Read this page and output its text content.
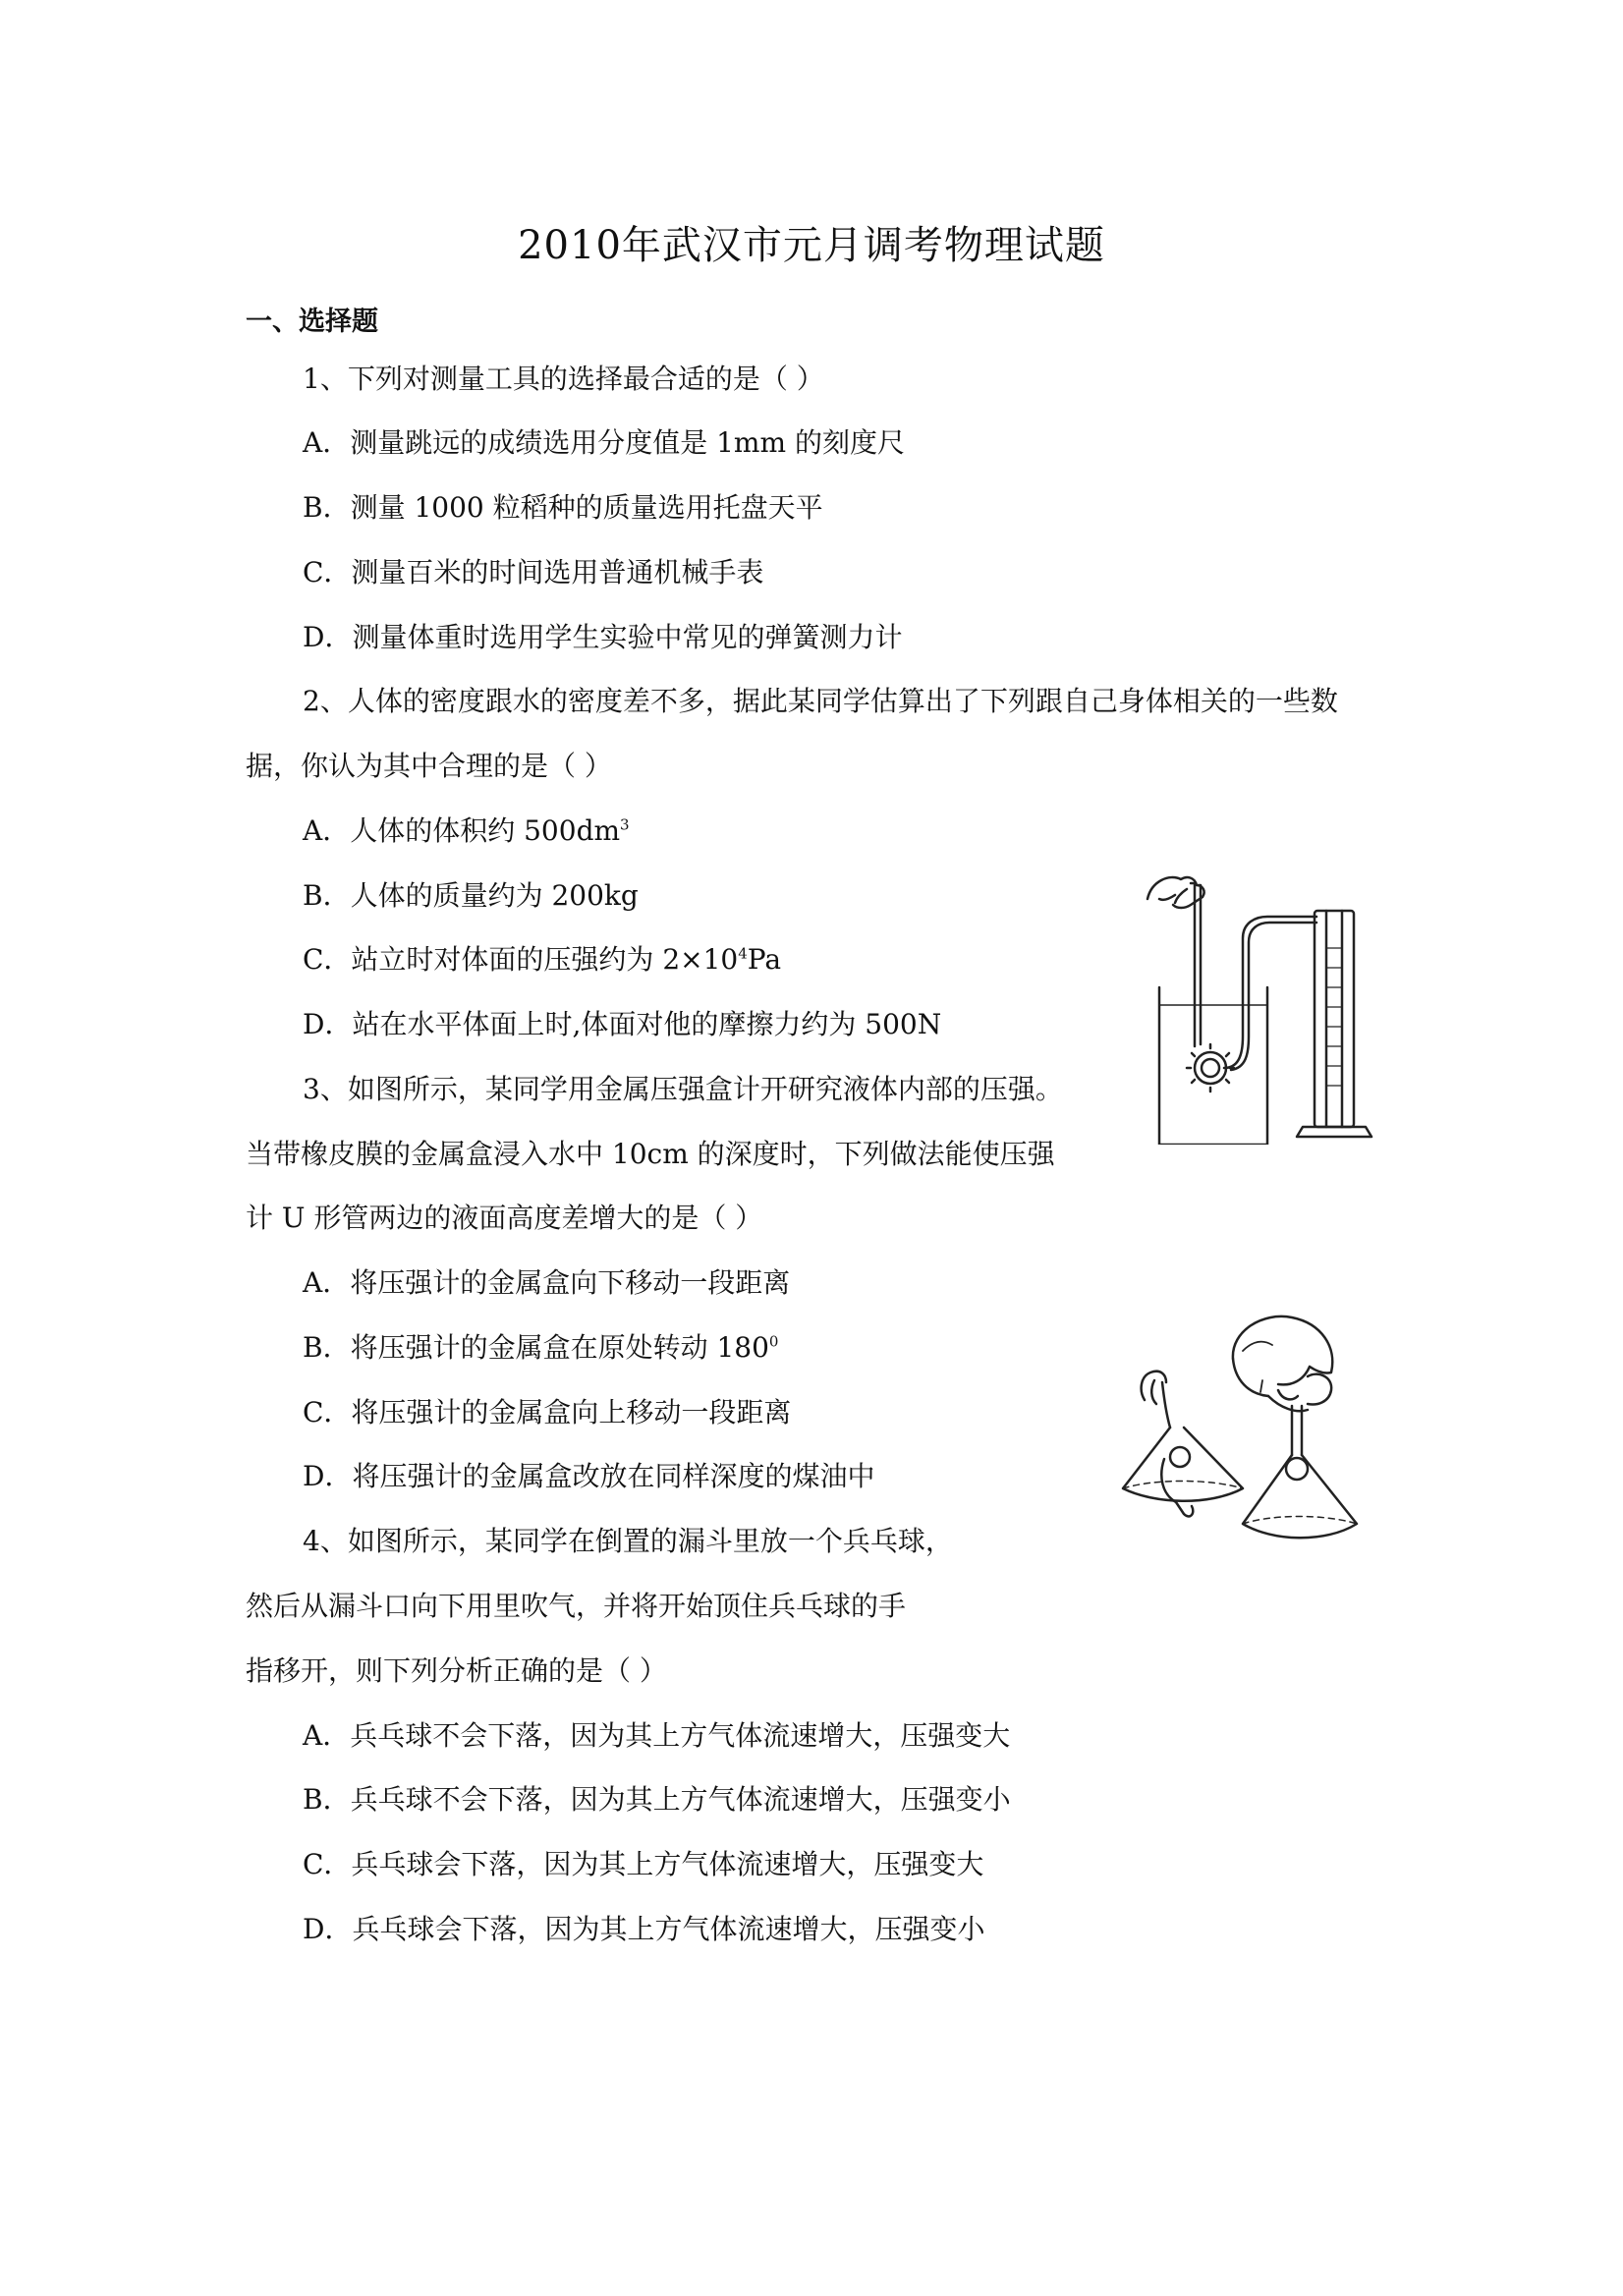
2010年武汉市元月调考物理试题
一、选择题
1、下列对测量工具的选择最合适的是（ ）
A．测量跳远的成绩选用分度值是 1mm 的刻度尺
B．测量 1000 粒稻种的质量选用托盘天平
C．测量百米的时间选用普通机械手表
D．测量体重时选用学生实验中常见的弹簧测力计
2、人体的密度跟水的密度差不多，据此某同学估算出了下列跟自己身体相关的一些数
据，你认为其中合理的是（ ）
A．人体的体积约 $500dm^3$
B．人体的质量约为 200kg
C．站立时对体面的压强约为 $2\times 10^4Pa$
D．站在水平体面上时,体面对他的摩擦力约为 500N
3、如图所示，某同学用金属压强盒计开研究液体内部的压强。
当带橡皮膜的金属盒浸入水中 10cm 的深度时，下列做法能使压强
计 U 形管两边的液面高度差增大的是（ ）
A．将压强计的金属盒向下移动一段距离
B．将压强计的金属盒在原处转动 $180^0$
C．将压强计的金属盒向上移动一段距离
D．将压强计的金属盒改放在同样深度的煤油中
4、如图所示，某同学在倒置的漏斗里放一个兵乓球，
然后从漏斗口向下用里吹气，并将开始顶住兵乓球的手
指移开，则下列分析正确的是（ ）
A．兵乓球不会下落，因为其上方气体流速增大，压强变大
B．兵乓球不会下落，因为其上方气体流速增大，压强变小
C．兵乓球会下落，因为其上方气体流速增大，压强变大
D．兵乓球会下落，因为其上方气体流速增大，压强变小
